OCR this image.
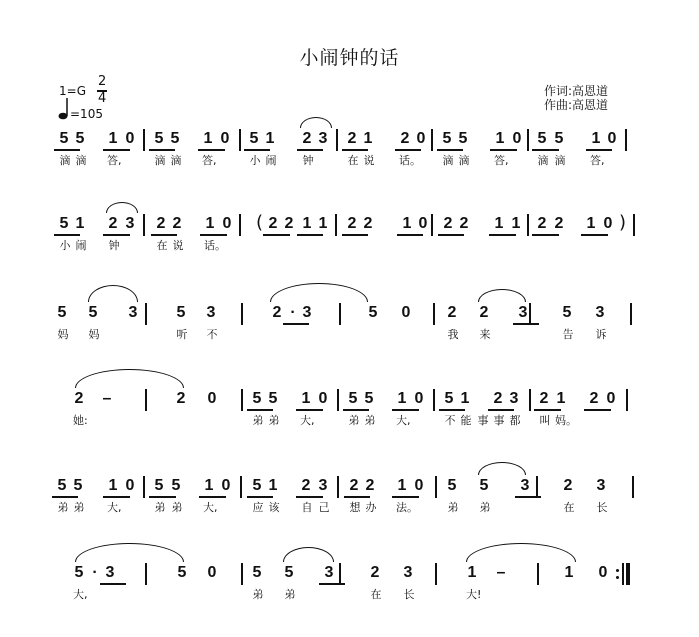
小闹钟的话
1=G
2
4
=105
作词:高恩道
作曲:高恩道
5 5 1 0 5 5 1 0 5 1 2 3 2 1 2 0 5 5 1 0 5 5 1 0
滴 滴 答,	滴 滴 答,	小 闹 钟	在 说 话。 滴 滴 答,	滴 滴 答,
5 1 2 3 2 2 1 0 ( 2 2 1 1 2 2 1 0 2 2 1 1 2 2 1 0 )
小 闹 钟	在 说 话。
5 5 3 5 3	2 · 3	5 0 2 2 3 5 3
妈 妈	听 不	我 来	告 诉
2 –	2 0 5 5 1 0 5 5 1 0 5 1 2 3 2 1 2 0
她:	弟 弟 大,	弟 弟 大,	不 能 事 事 都 叫 妈。
5 5 1 0 5 5 1 0 5 1 2 3 2 2 1 0 5 5 3 2 3
弟 弟 大,	弟 弟 大,	应 该 自 己 想 办 法。	弟 弟	在 长
5 · 3	5 0 5 5 3 2 3	1 –	1 0
大,	弟 弟	在 长	大!
